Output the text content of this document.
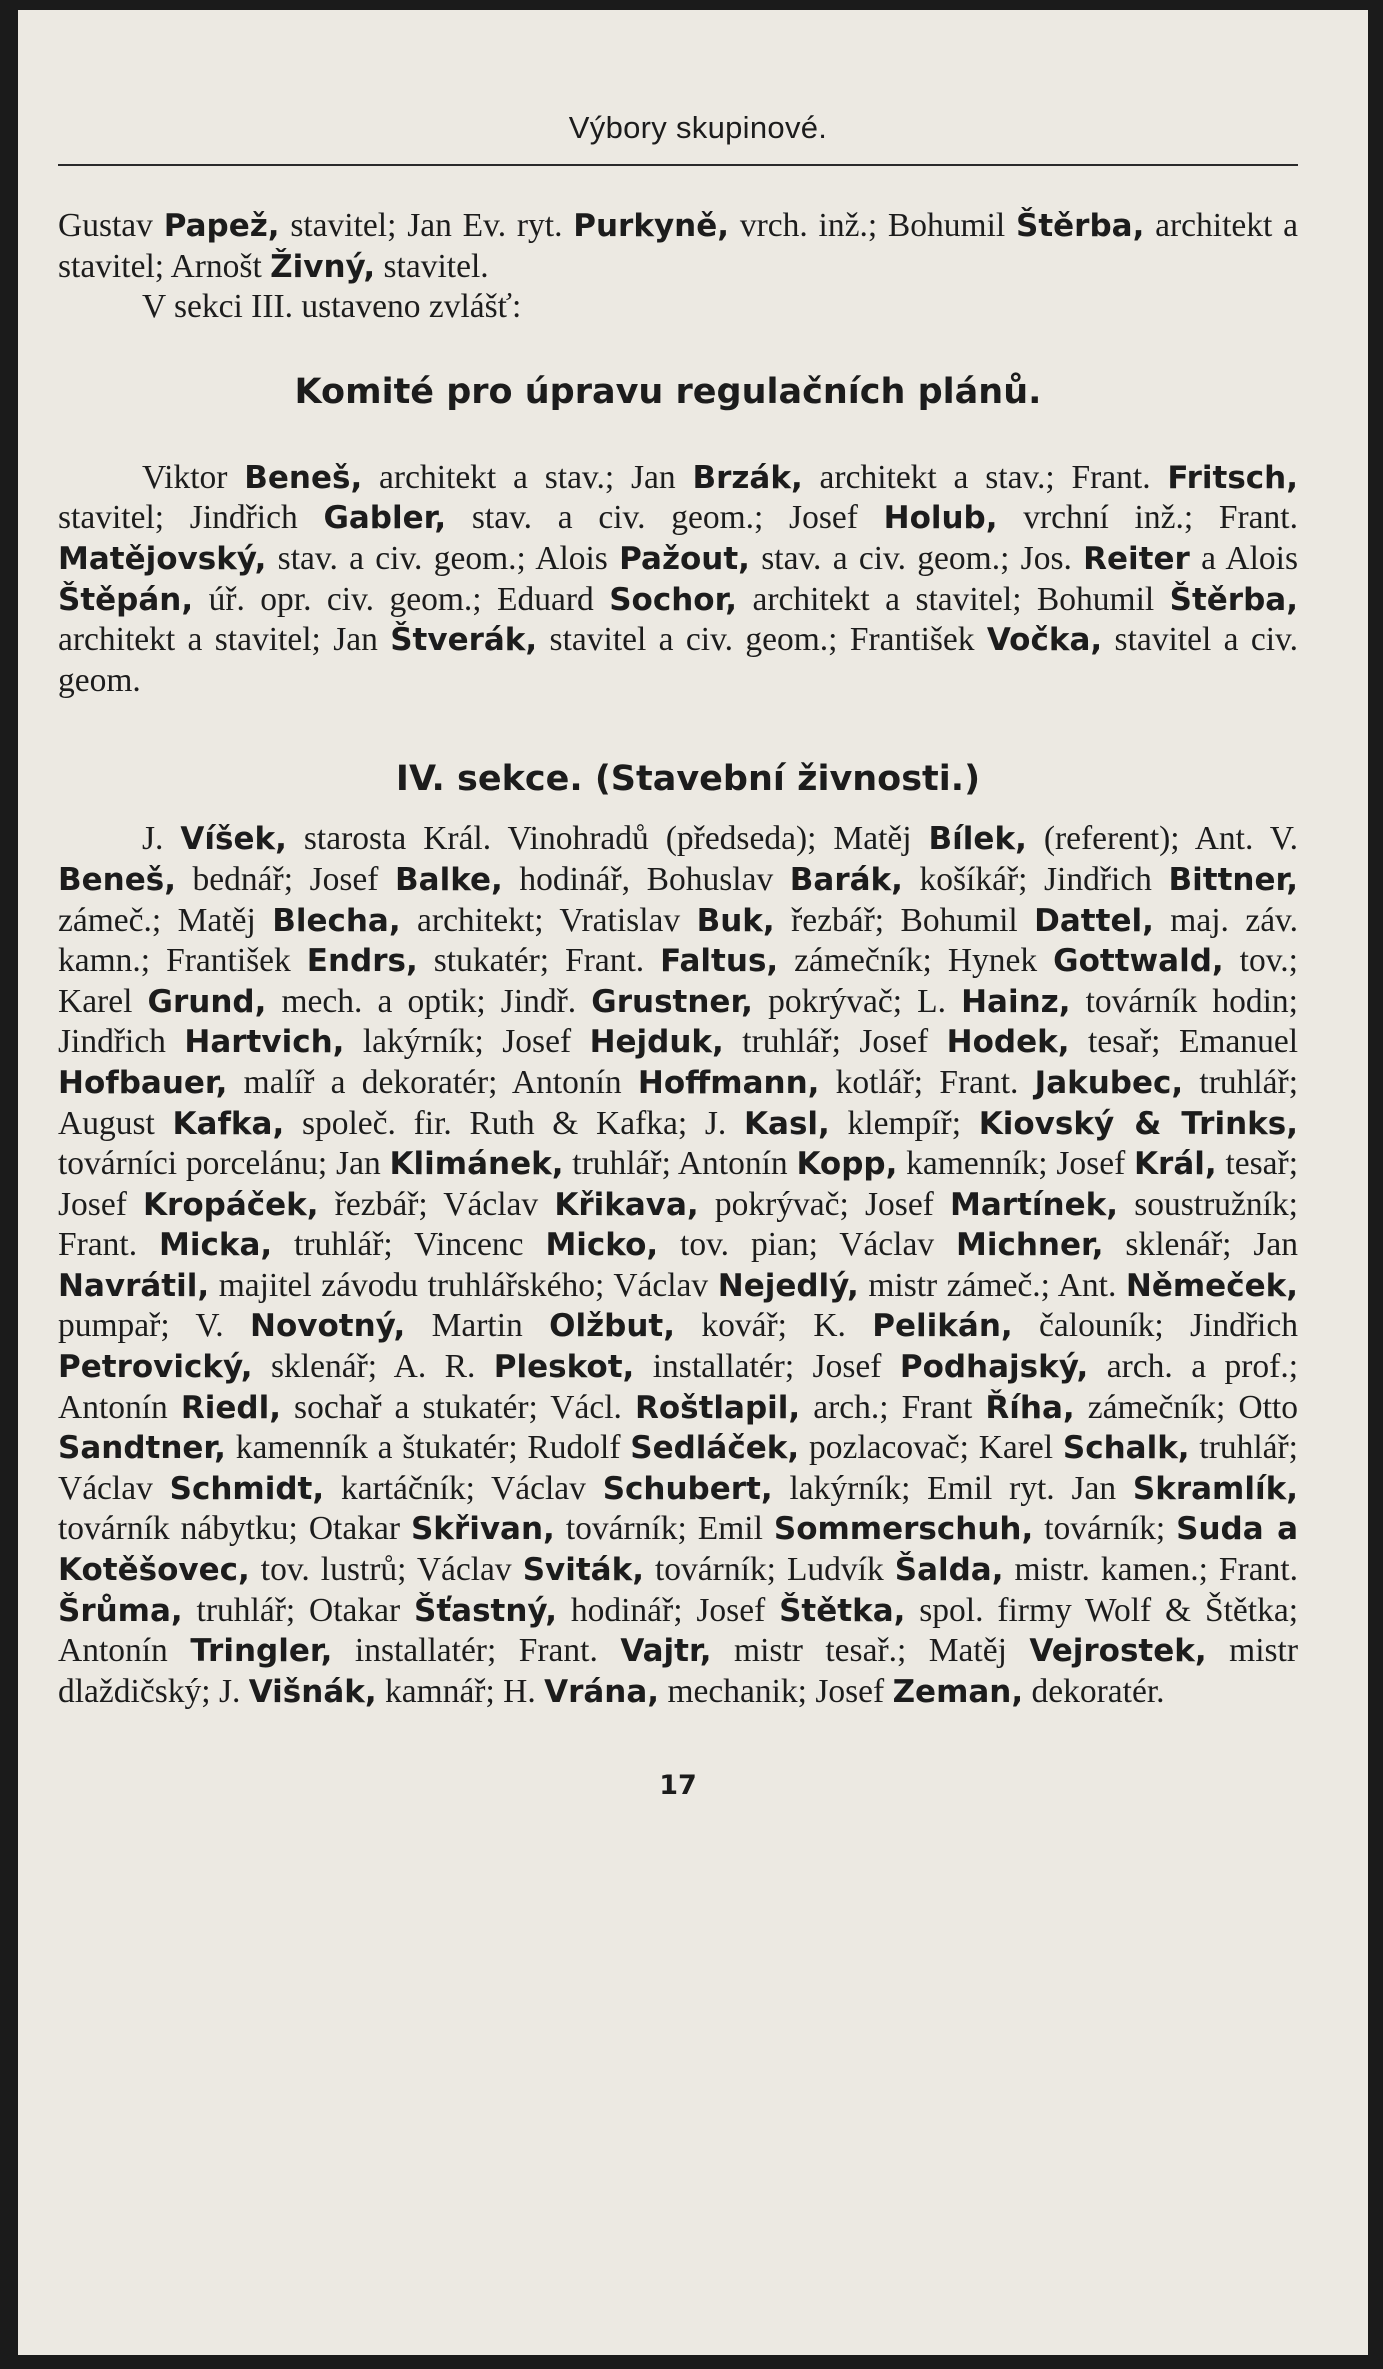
Výbory skupinové.

Gustav Papež, stavitel; Jan Ev. ryt. Purkyně, vrch. inž.; Bohumil Štěrba, architekt a stavitel; Arnošt Živný, stavitel.

V sekci III. ustaveno zvlášť:

Komité pro úpravu regulačních plánů.

Viktor Beneš, architekt a stav.; Jan Brzák, architekt a stav.; Frant. Fritsch, stavitel; Jindřich Gabler, stav. a civ. geom.; Josef Holub, vrchní inž.; Frant. Matějovský, stav. a civ. geom.; Alois Pažout, stav. a civ. geom.; Jos. Reiter a Alois Štěpán, úř. opr. civ. geom.; Eduard Sochor, architekt a stavitel; Bohumil Štěrba, architekt a stavitel; Jan Štverák, stavitel a civ. geom.; František Vočka, stavitel a civ. geom.

IV. sekce. (Stavební živnosti.)

J. Víšek, starosta Král. Vinohradů (předseda); Matěj Bílek, (referent); Ant. V. Beneš, bednář; Josef Balke, hodinář, Bohuslav Barák, košíkář; Jindřich Bittner, zámeč.; Matěj Blecha, architekt; Vratislav Buk, řezbář; Bohumil Dattel, maj. záv. kamn.; František Endrs, stukatér; Frant. Faltus, zámečník; Hynek Gottwald, tov.; Karel Grund, mech. a optik; Jindř. Grustner, pokrývač; L. Hainz, továrník hodin; Jindřich Hartvich, lakýrník; Josef Hejduk, truhlář; Josef Hodek, tesař; Emanuel Hofbauer, malíř a dekoratér; Antonín Hoffmann, kotlář; Frant. Jakubec, truhlář; August Kafka, společ. fir. Ruth & Kafka; J. Kasl, klempíř; Kiovský & Trinks, továrníci porcelánu; Jan Klimánek, truhlář; Antonín Kopp, kamenník; Josef Král, tesař; Josef Kropáček, řezbář; Václav Křikava, pokrývač; Josef Martínek, soustružník; Frant. Micka, truhlář; Vincenc Micko, tov. pian; Václav Michner, sklenář; Jan Navrátil, majitel závodu truhlářského; Václav Nejedlý, mistr zámeč.; Ant. Němeček, pumpař; V. Novotný, Martin Olžbut, kovář; K. Pelikán, čalouník; Jindřich Petrovický, sklenář; A. R. Pleskot, installatér; Josef Podhajský, arch. a prof.; Antonín Riedl, sochař a stukatér; Václ. Roštlapil, arch.; Frant Říha, zámečník; Otto Sandtner, kamenník a štukatér; Rudolf Sedláček, pozlacovač; Karel Schalk, truhlář; Václav Schmidt, kartáčník; Václav Schubert, lakýrník; Emil ryt. Jan Skramlík, továrník nábytku; Otakar Skřivan, továrník; Emil Sommerschuh, továrník; Suda a Kotěšovec, tov. lustrů; Václav Sviták, továrník; Ludvík Šalda, mistr. kamen.; Frant. Šrůma, truhlář; Otakar Šťastný, hodinář; Josef Štětka, spol. firmy Wolf & Štětka; Antonín Tringler, installatér; Frant. Vajtr, mistr tesař.; Matěj Vejrostek, mistr dlaždičský; J. Višnák, kamnář; H. Vrána, mechanik; Josef Zeman, dekoratér.

17
